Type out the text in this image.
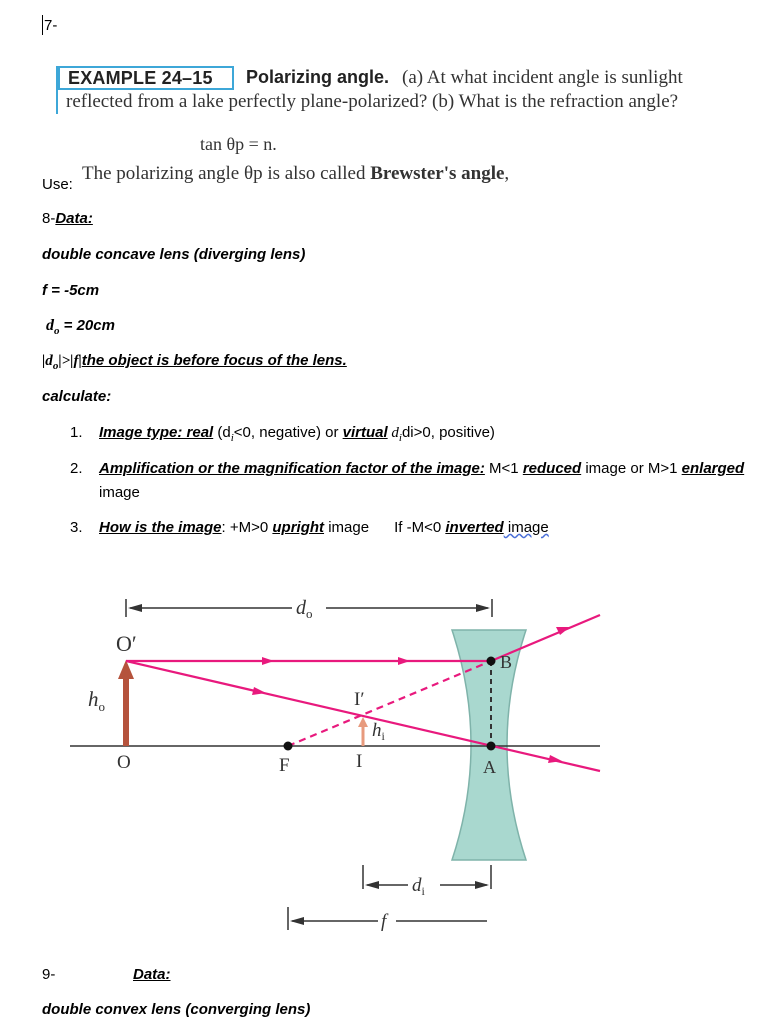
7-
EXAMPLE 24–15	Polarizing angle. (a) At what incident angle is sunlight
reflected from a lake perfectly plane-polarized? (b) What is the refraction angle?
tan θp = n.
Use:
The polarizing angle θp is also called Brewster's angle,
8-Data:
double concave lens (diverging lens)
f = -5cm
$d_o = 20cm$
$|d_o|>|f|the$ object is before focus of the lens.
calculate:
1. Image type: real ($d_i<0$, negative) or virtual $d_idi>0$, positive)
2. Amplification or the magnification factor of the image: M<1 reduced image or M>1 enlarged
image
3. How is the image: +M>0 upright image      If -M<0 inverted image
$d_o$
O′
$h_o$
O	F
I′
$h_i$
I
B
A
$d_i$
f
9-	Data:
double convex lens (converging lens)
